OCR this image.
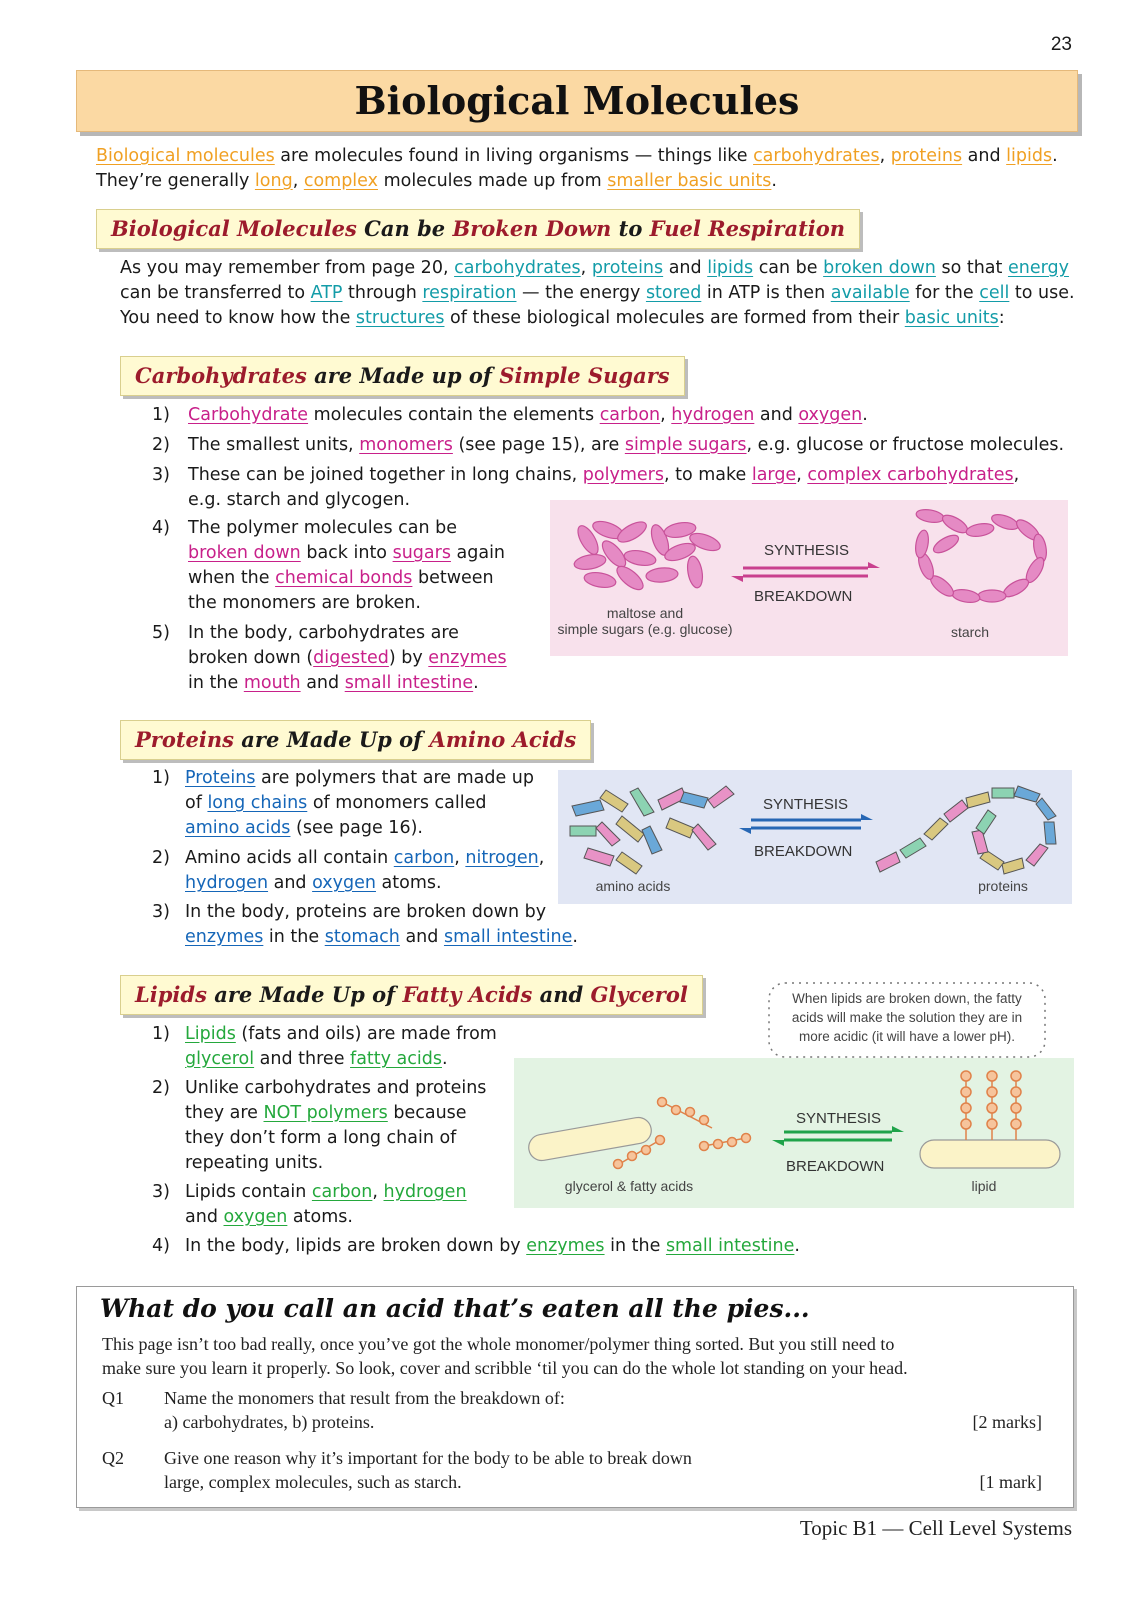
23
Biological Molecules
Biological molecules are molecules found in living organisms — things like carbohydrates, proteins and lipids.
They’re generally long, complex molecules made up from smaller basic units.
Biological Molecules Can be Broken Down to Fuel Respiration
As you may remember from page 20, carbohydrates, proteins and lipids can be broken down so that energy
can be transferred to ATP through respiration — the energy stored in ATP is then available for the cell to use.
You need to know how the structures of these biological molecules are formed from their basic units:
Carbohydrates are Made up of Simple Sugars
1)	Carbohydrate molecules contain the elements carbon, hydrogen and oxygen.
2)	The smallest units, monomers (see page 15), are simple sugars, e.g. glucose or fructose molecules.
3)	These can be joined together in long chains, polymers, to make large, complex carbohydrates,
e.g. starch and glycogen.
4)	The polymer molecules can be
broken down back into sugars again
when the chemical bonds between
the monomers are broken.
5)	In the body, carbohydrates are
broken down (digested) by enzymes
in the mouth and small intestine.
SYNTHESIS
BREAKDOWN
maltose and
simple sugars (e.g. glucose)	starch
Proteins are Made Up of Amino Acids
1) Proteins are polymers that are made up
of long chains of monomers called
amino acids (see page 16).
2) Amino acids all contain carbon, nitrogen,
hydrogen and oxygen atoms.
3) In the body, proteins are broken down by
enzymes in the stomach and small intestine.
SYNTHESIS
BREAKDOWN
amino acids	proteins
Lipids are Made Up of Fatty Acids and Glycerol	When lipids are broken down, the fatty
acids will make the solution they are in
more acidic (it will have a lower pH).
SYNTHESIS
BREAKDOWN
glycerol & fatty acids	lipid
1) Lipids (fats and oils) are made from
glycerol and three fatty acids.
2) Unlike carbohydrates and proteins
they are NOT polymers because
they don’t form a long chain of
repeating units.
3) Lipids contain carbon, hydrogen
and oxygen atoms.
4) In the body, lipids are broken down by enzymes in the small intestine.
What do you call an acid that’s eaten all the pies...
This page isn’t too bad really, once you’ve got the whole monomer/polymer thing sorted. But you still need to
make sure you learn it properly. So look, cover and scribble ‘til you can do the whole lot standing on your head.
Q1 Name the monomers that result from the breakdown of:
a) carbohydrates, b) proteins.	[2 marks]
Q2 Give one reason why it’s important for the body to be able to break down
large, complex molecules, such as starch.	[1 mark]
Topic B1 — Cell Level Systems
